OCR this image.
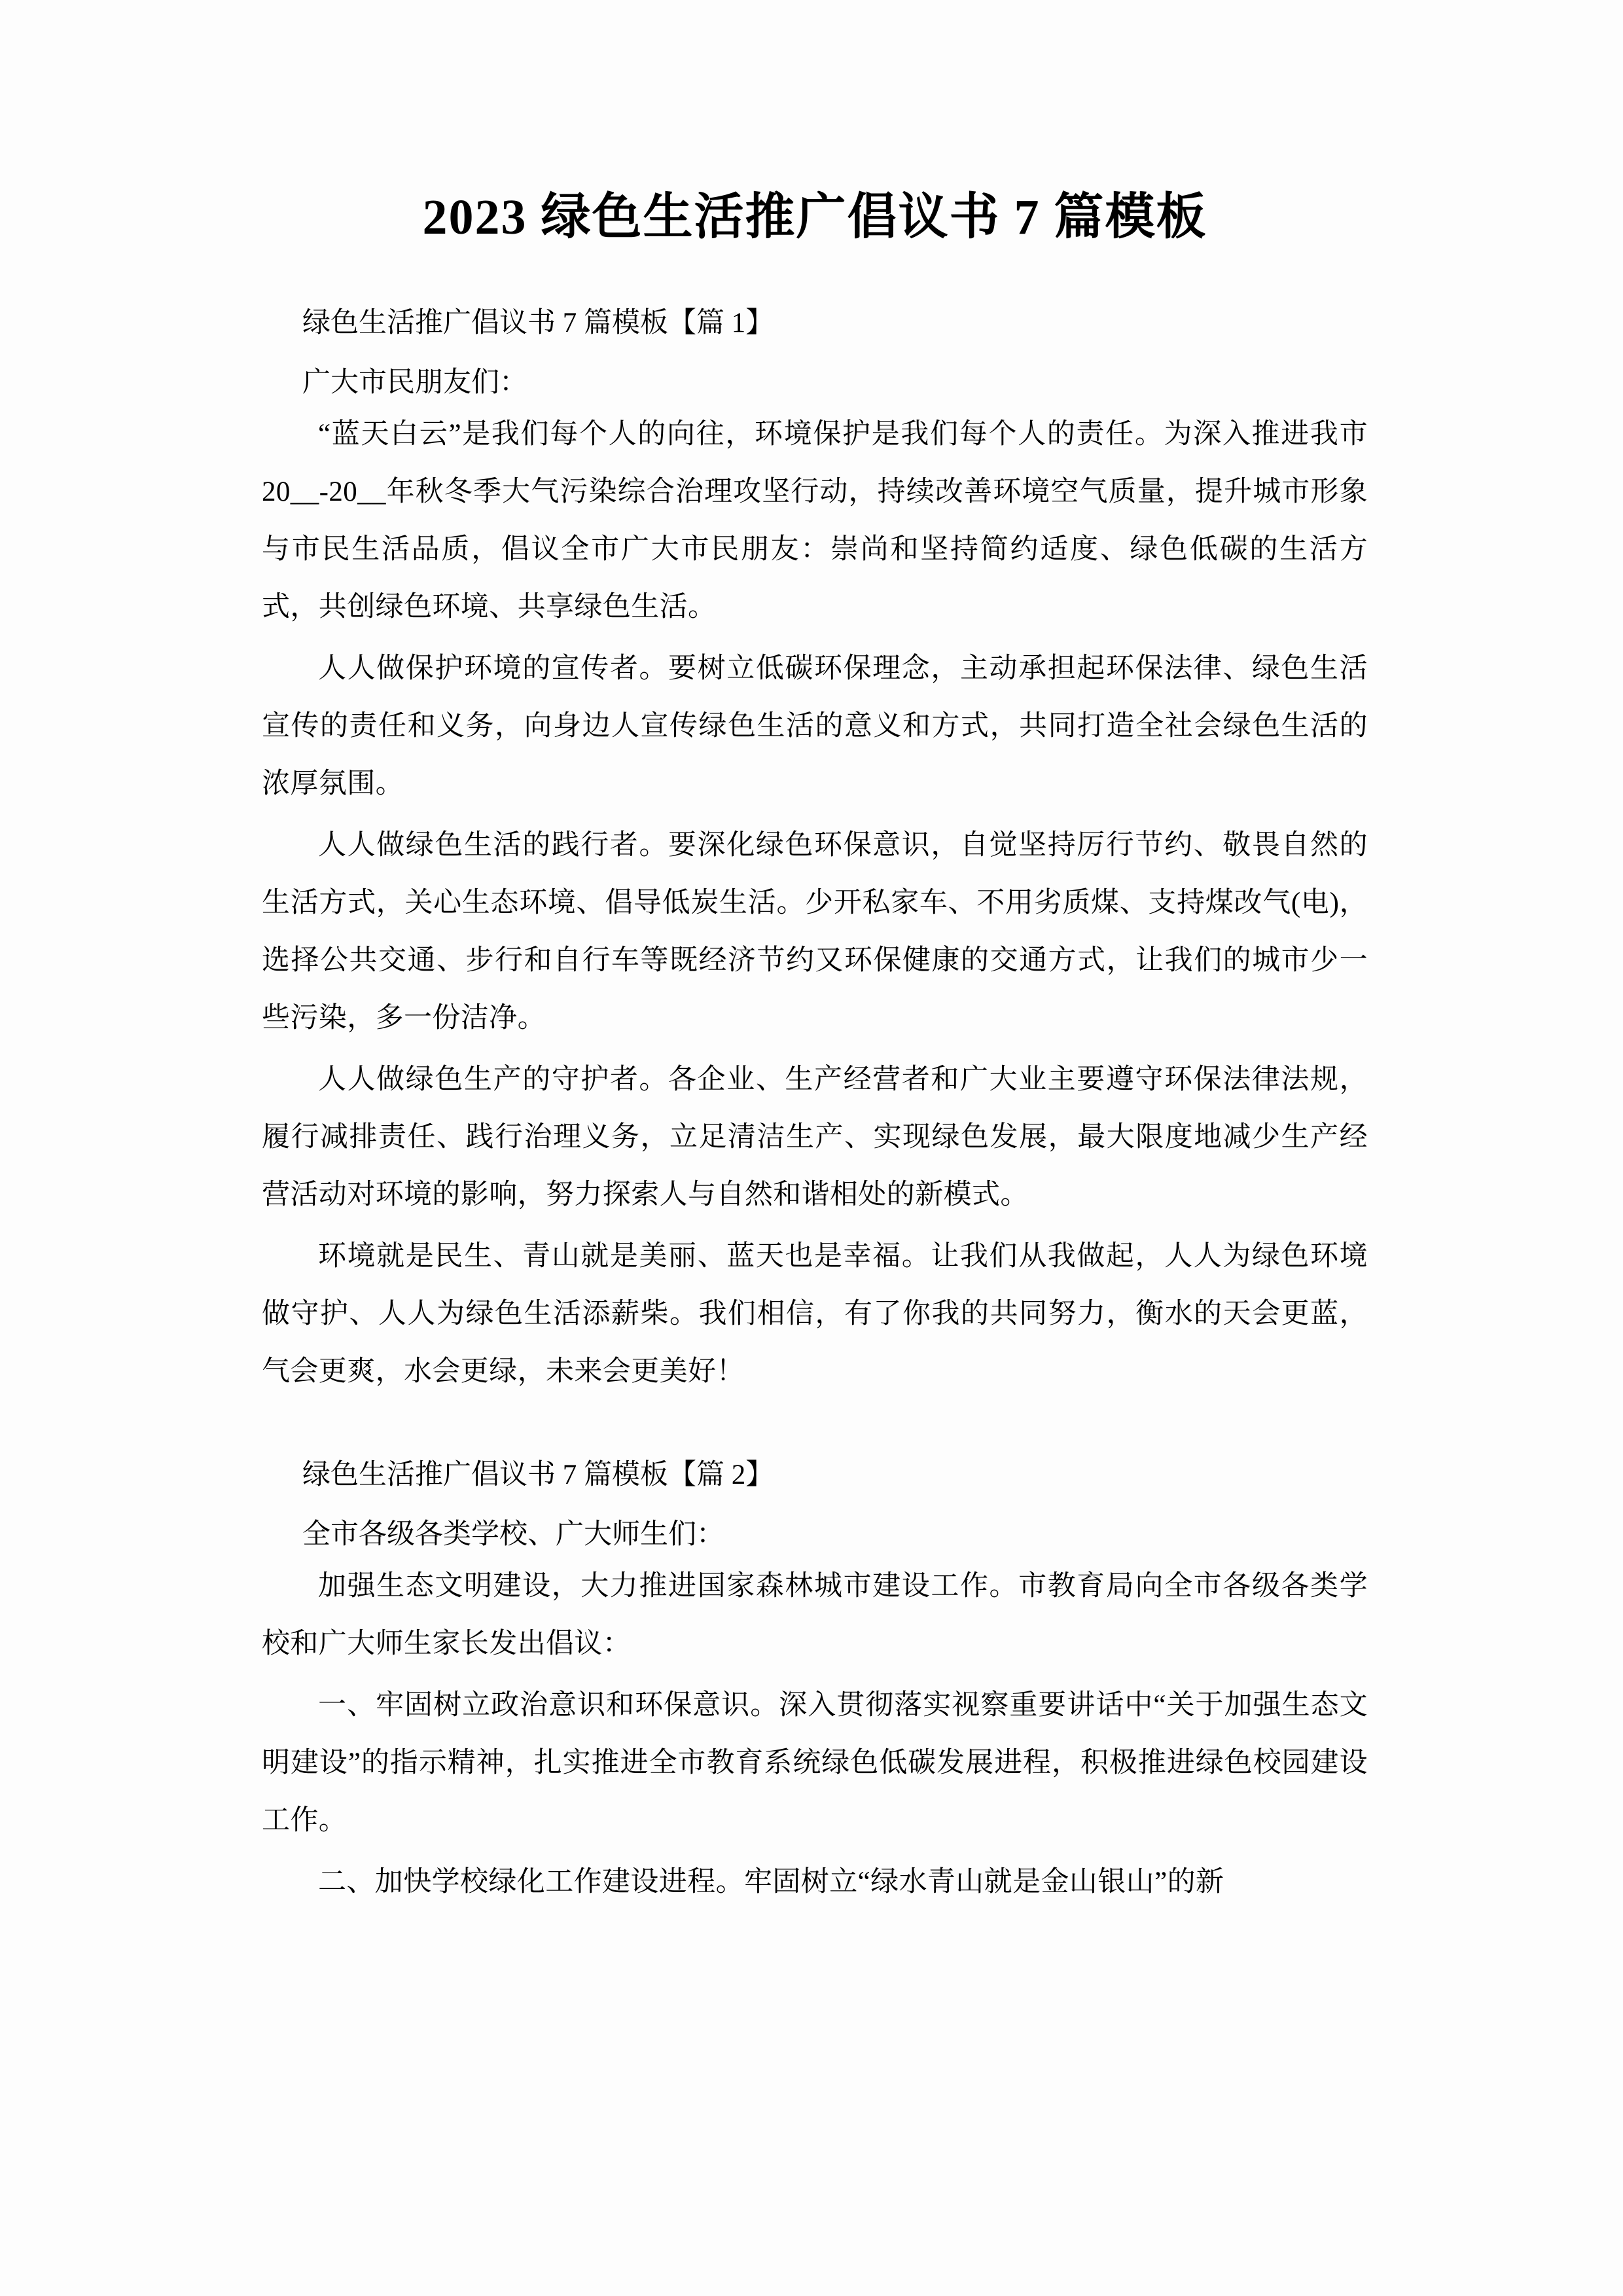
2023 绿色生活推广倡议书 7 篇模板

绿色生活推广倡议书 7 篇模板【篇 1】

广大市民朋友们：

“蓝天白云”是我们每个人的向往，环境保护是我们每个人的责任。为深入推进我市 20__-20__年秋冬季大气污染综合治理攻坚行动，持续改善环境空气质量，提升城市形象与市民生活品质，倡议全市广大市民朋友：崇尚和坚持简约适度、绿色低碳的生活方式，共创绿色环境、共享绿色生活。

人人做保护环境的宣传者。要树立低碳环保理念，主动承担起环保法律、绿色生活宣传的责任和义务，向身边人宣传绿色生活的意义和方式，共同打造全社会绿色生活的浓厚氛围。

人人做绿色生活的践行者。要深化绿色环保意识，自觉坚持厉行节约、敬畏自然的生活方式，关心生态环境、倡导低炭生活。少开私家车、不用劣质煤、支持煤改气(电)，选择公共交通、步行和自行车等既经济节约又环保健康的交通方式，让我们的城市少一些污染，多一份洁净。

人人做绿色生产的守护者。各企业、生产经营者和广大业主要遵守环保法律法规，履行减排责任、践行治理义务，立足清洁生产、实现绿色发展，最大限度地减少生产经营活动对环境的影响，努力探索人与自然和谐相处的新模式。

环境就是民生、青山就是美丽、蓝天也是幸福。让我们从我做起，人人为绿色环境做守护、人人为绿色生活添薪柴。我们相信，有了你我的共同努力，衡水的天会更蓝，气会更爽，水会更绿，未来会更美好！

绿色生活推广倡议书 7 篇模板【篇 2】

全市各级各类学校、广大师生们：

加强生态文明建设，大力推进国家森林城市建设工作。市教育局向全市各级各类学校和广大师生家长发出倡议：

一、牢固树立政治意识和环保意识。深入贯彻落实视察重要讲话中“关于加强生态文明建设”的指示精神，扎实推进全市教育系统绿色低碳发展进程，积极推进绿色校园建设工作。

二、加快学校绿化工作建设进程。牢固树立“绿水青山就是金山银山”的新
